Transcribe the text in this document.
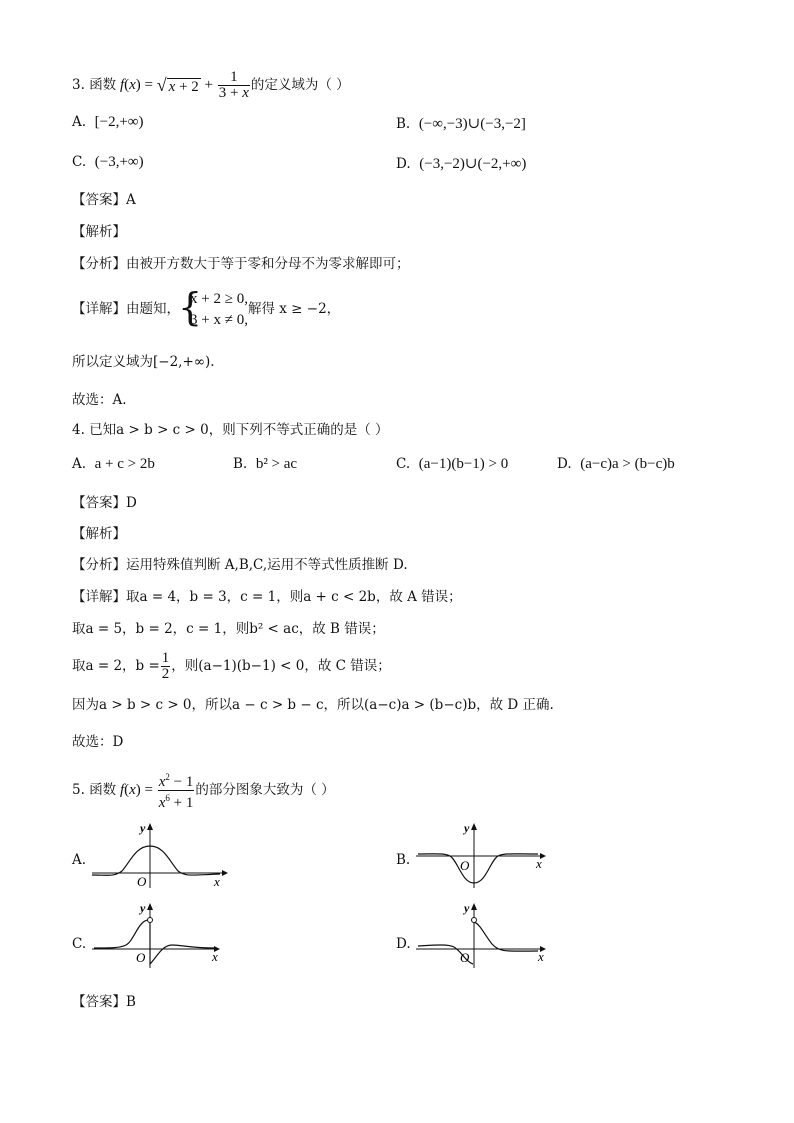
3. 函数 f(x) = √ $x + 2 + \frac{1}{3 + x}$ 的定义域为（ ）
A. [−2,+∞)	B. (−∞,−3)∪(−3,−2]
C. (−3,+∞)	D. (−3,−2)∪(−2,+∞)
【答案】A
【解析】
【分析】由被开方数大于等于零和分母不为零求解即可；
【详解】由题知，
{
x + 2 ≥ 0,
3 + x ≠ 0,
解得 x ≥ −2，
所以定义域为[−2,+∞).
故选：A.
4. 已知a > b > c > 0，则下列不等式正确的是（ ）
A. a + c > 2b	B. b² > ac	C. (a−1)(b−1) > 0	D. (a−c)a > (b−c)b
【答案】D
【解析】
【分析】运用特殊值判断 A,B,C,运用不等式性质推断 D.
【详解】取a = 4，b = 3，c = 1，则a + c < 2b，故 A 错误；
取a = 5，b = 2，c = 1，则b² < ac，故 B 错误；
取a = 2，$b = \frac{1}{2}$ ，则(a−1)(b−1) < 0，故 C 错误；
因为a > b > c > 0，所以a − c > b − c，所以(a−c)a > (b−c)b，故 D 正确.
故选：D
5. 函数 $f(x) = \frac{x^2 - 1}{x^6 + 1}$ 的部分图象大致为（ ）
A.	B.
C.	D.
x
y
O
x
y
O
x
y
O	x
y
O
【答案】B
